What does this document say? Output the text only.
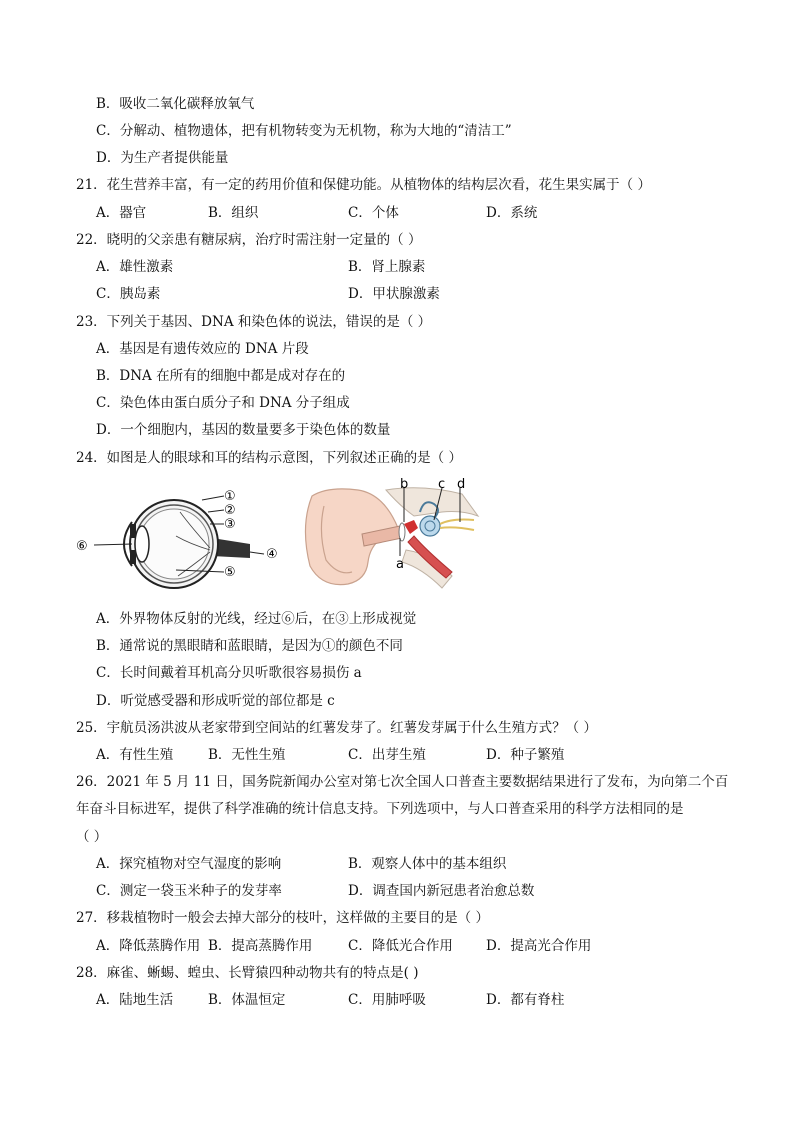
B．吸收二氧化碳释放氧气
C．分解动、植物遗体，把有机物转变为无机物，称为大地的“清洁工”
D．为生产者提供能量
21．花生营养丰富，有一定的药用价值和保健功能。从植物体的结构层次看，花生果实属于（ ）
A．器官	B．组织	C．个体	D．系统
22．晓明的父亲患有糖尿病，治疗时需注射一定量的（ ）
A．雄性激素	B．肾上腺素
C．胰岛素	D．甲状腺激素
23．下列关于基因、DNA 和染色体的说法，错误的是（ ）
A．基因是有遗传效应的 DNA 片段
B．DNA 在所有的细胞中都是成对存在的
C．染色体由蛋白质分子和 DNA 分子组成
D．一个细胞内，基因的数量要多于染色体的数量
24．如图是人的眼球和耳的结构示意图，下列叙述正确的是（ ）
①
②
③
④
⑤
⑥
b c d
a
A．外界物体反射的光线，经过⑥后，在③上形成视觉
B．通常说的黑眼睛和蓝眼睛，是因为①的颜色不同
C．长时间戴着耳机高分贝听歌很容易损伤 a
D．听觉感受器和形成听觉的部位都是 c
25．宇航员汤洪波从老家带到空间站的红薯发芽了。红薯发芽属于什么生殖方式？（ ）
A．有性生殖	B．无性生殖	C．出芽生殖	D．种子繁殖
26．2021 年 5 月 11 日，国务院新闻办公室对第七次全国人口普查主要数据结果进行了发布，为向第二个百
年奋斗目标进军，提供了科学准确的统计信息支持。下列选项中，与人口普查采用的科学方法相同的是
（ ）
A．探究植物对空气湿度的影响	B．观察人体中的基本组织
C．测定一袋玉米种子的发芽率	D．调查国内新冠患者治愈总数
27．移栽植物时一般会去掉大部分的枝叶，这样做的主要目的是（ ）
A．降低蒸腾作用 B．提高蒸腾作用	C．降低光合作用 D．提高光合作用
28．麻雀、蜥蜴、蝗虫、长臂猿四种动物共有的特点是( )
A．陆地生活	B．体温恒定	C．用肺呼吸	D．都有脊柱
